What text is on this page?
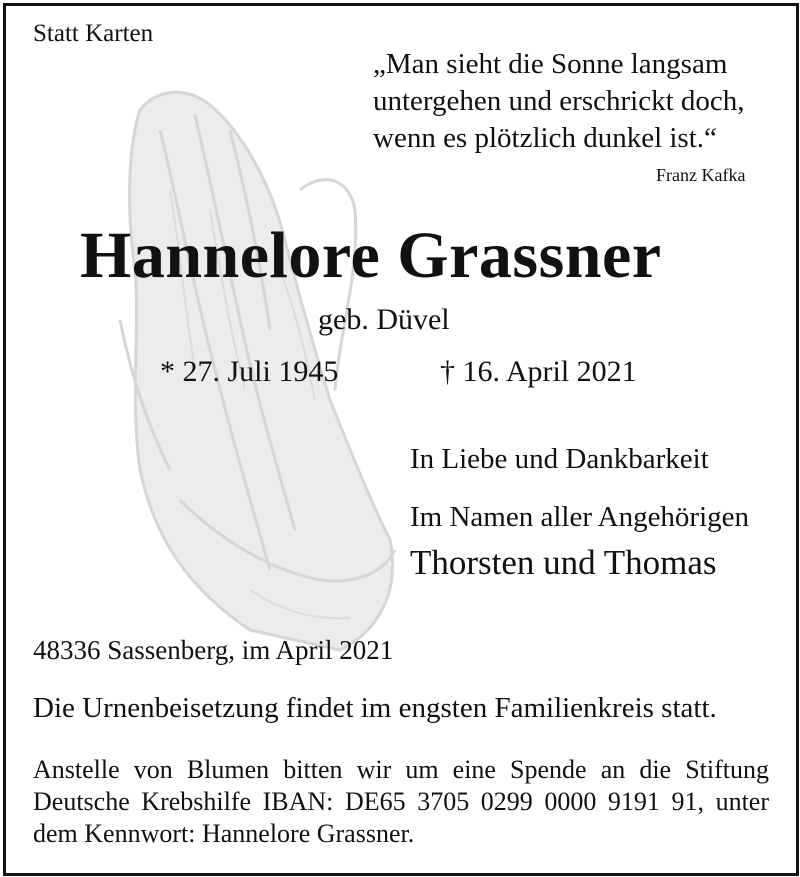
Statt Karten
„Man sieht die Sonne langsam
untergehen und erschrickt doch,
wenn es plötzlich dunkel ist.“
Franz Kafka
Hannelore Grassner
geb. Düvel
* 27. Juli 1945	† 16. April 2021
In Liebe und Dankbarkeit
Im Namen aller Angehörigen
Thorsten und Thomas
48336 Sassenberg, im April 2021
Die Urnenbeisetzung findet im engsten Familienkreis statt.
Anstelle von Blumen bitten wir um eine Spende an die Stiftung
Deutsche Krebshilfe IBAN: DE65 3705 0299 0000 9191 91, unter
dem Kennwort: Hannelore Grassner.
